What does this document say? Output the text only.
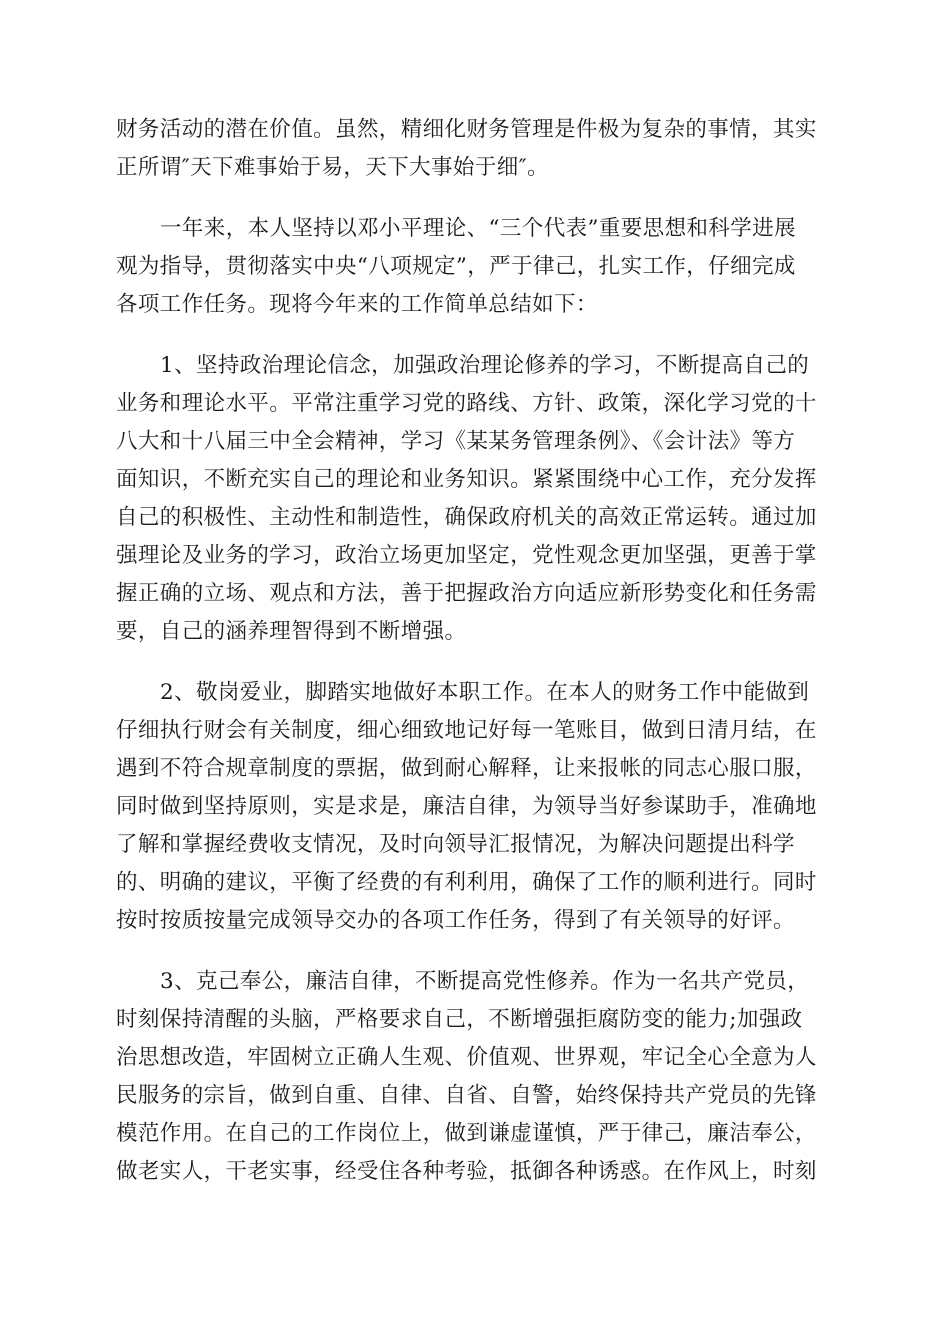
财务活动的潜在价值。虽然，精细化财务管理是件极为复杂的事情，其实
正所谓″天下难事始于易，天下大事始于细″。
一年来，本人坚持以邓小平理论、“三个代表”重要思想和科学进展
观为指导，贯彻落实中央“八项规定”，严于律己，扎实工作，仔细完成
各项工作任务。现将今年来的工作简单总结如下：
1、坚持政治理论信念，加强政治理论修养的学习，不断提高自己的
业务和理论水平。平常注重学习党的路线、方针、政策，深化学习党的十
八大和十八届三中全会精神，学习《某某务管理条例》、《会计法》等方
面知识，不断充实自己的理论和业务知识。紧紧围绕中心工作，充分发挥
自己的积极性、主动性和制造性，确保政府机关的高效正常运转。通过加
强理论及业务的学习，政治立场更加坚定，党性观念更加坚强，更善于掌
握正确的立场、观点和方法，善于把握政治方向适应新形势变化和任务需
要，自己的涵养理智得到不断增强。
2、敬岗爱业，脚踏实地做好本职工作。在本人的财务工作中能做到
仔细执行财会有关制度，细心细致地记好每一笔账目，做到日清月结，在
遇到不符合规章制度的票据，做到耐心解释，让来报帐的同志心服口服，
同时做到坚持原则，实是求是，廉洁自律，为领导当好参谋助手，准确地
了解和掌握经费收支情况，及时向领导汇报情况，为解决问题提出科学
的、明确的建议，平衡了经费的有利利用，确保了工作的顺利进行。同时
按时按质按量完成领导交办的各项工作任务，得到了有关领导的好评。
3、克己奉公，廉洁自律，不断提高党性修养。作为一名共产党员，
时刻保持清醒的头脑，严格要求自己，不断增强拒腐防变的能力;加强政
治思想改造，牢固树立正确人生观、价值观、世界观，牢记全心全意为人
民服务的宗旨，做到自重、自律、自省、自警，始终保持共产党员的先锋
模范作用。在自己的工作岗位上，做到谦虚谨慎，严于律己，廉洁奉公，
做老实人，干老实事，经受住各种考验，抵御各种诱惑。在作风上，时刻
